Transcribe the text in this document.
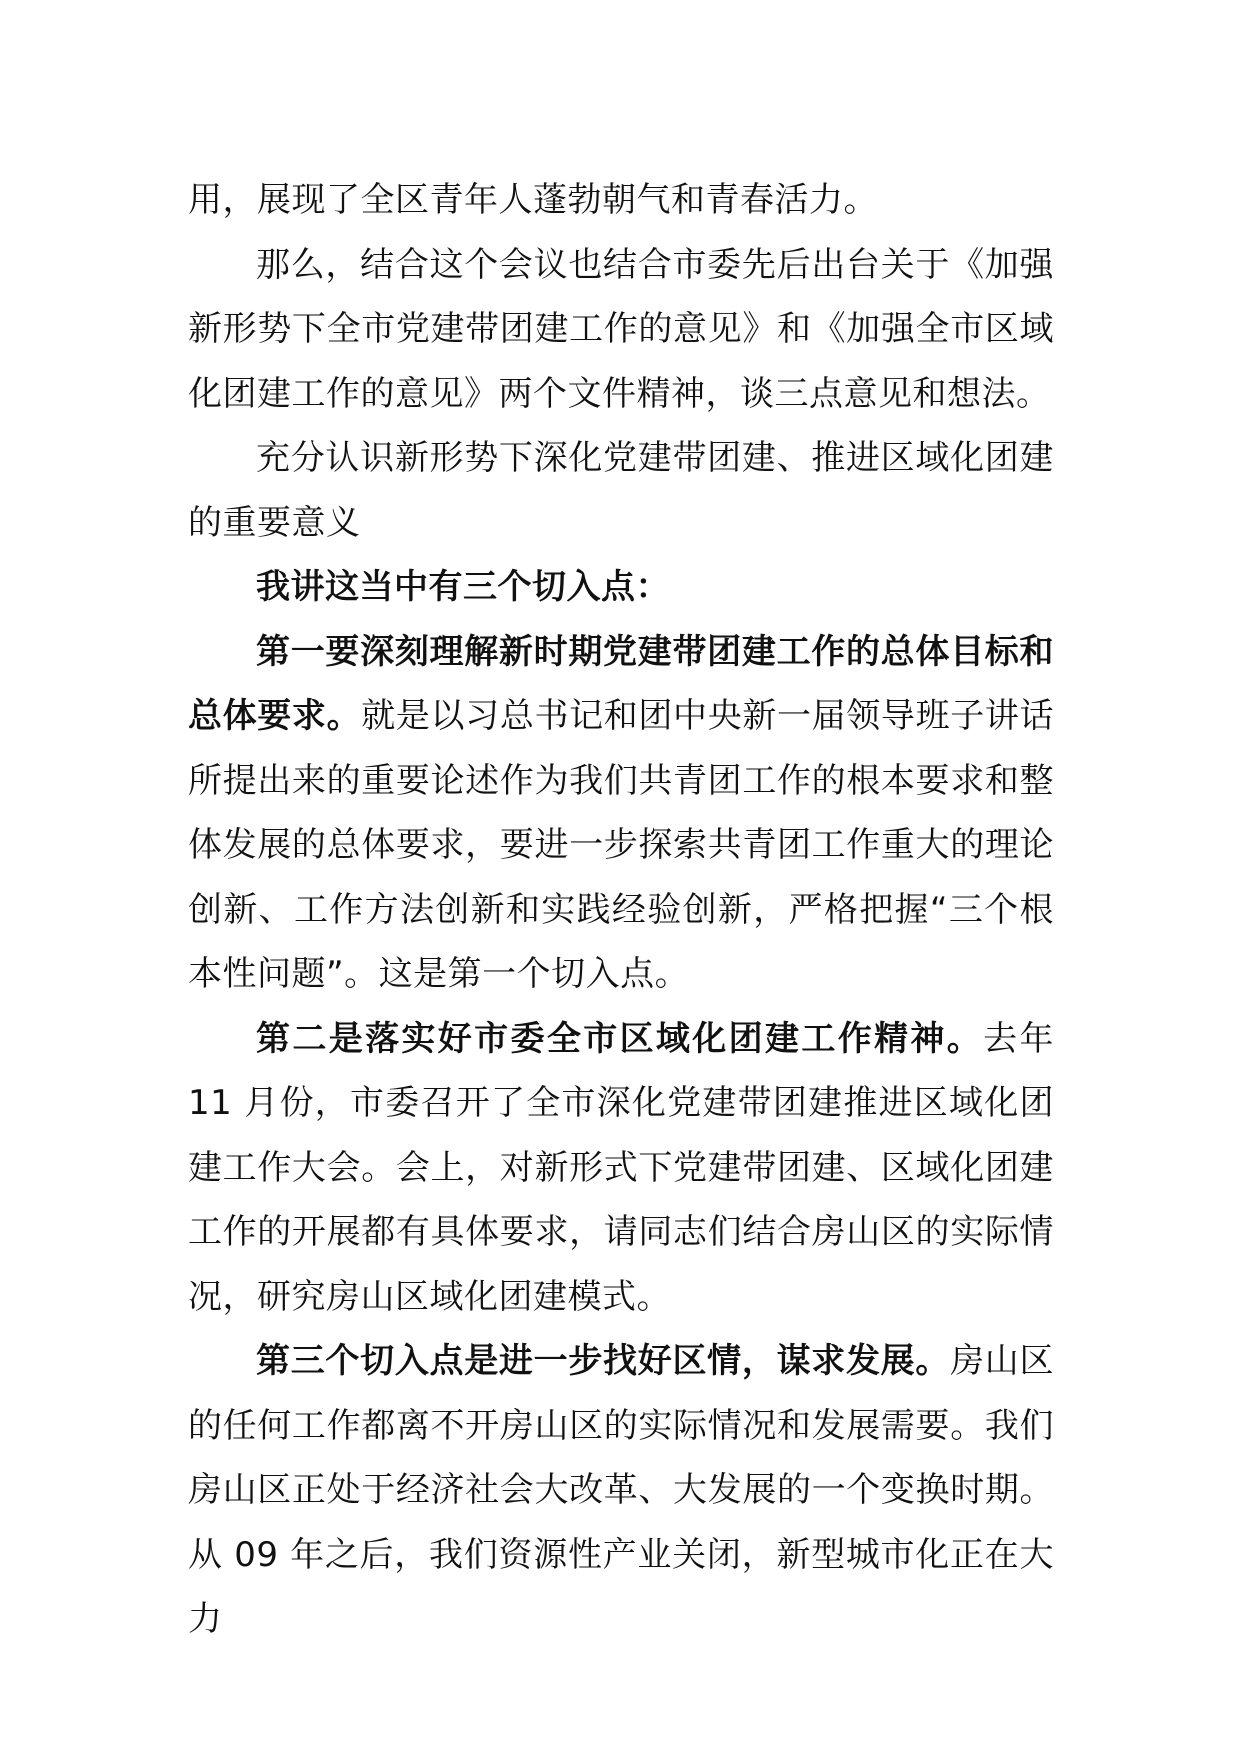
用，展现了全区青年人蓬勃朝气和青春活力。

那么，结合这个会议也结合市委先后出台关于《加强新形势下全市党建带团建工作的意见》和《加强全市区域化团建工作的意见》两个文件精神，谈三点意见和想法。

充分认识新形势下深化党建带团建、推进区域化团建的重要意义

我讲这当中有三个切入点：

第一要深刻理解新时期党建带团建工作的总体目标和总体要求。就是以习总书记和团中央新一届领导班子讲话所提出来的重要论述作为我们共青团工作的根本要求和整体发展的总体要求，要进一步探索共青团工作重大的理论创新、工作方法创新和实践经验创新，严格把握“三个根本性问题”。这是第一个切入点。

第二是落实好市委全市区域化团建工作精神。去年 11 月份，市委召开了全市深化党建带团建推进区域化团建工作大会。会上，对新形式下党建带团建、区域化团建工作的开展都有具体要求，请同志们结合房山区的实际情况，研究房山区域化团建模式。

第三个切入点是进一步找好区情，谋求发展。房山区的任何工作都离不开房山区的实际情况和发展需要。我们房山区正处于经济社会大改革、大发展的一个变换时期。从 09 年之后，我们资源性产业关闭，新型城市化正在大力
